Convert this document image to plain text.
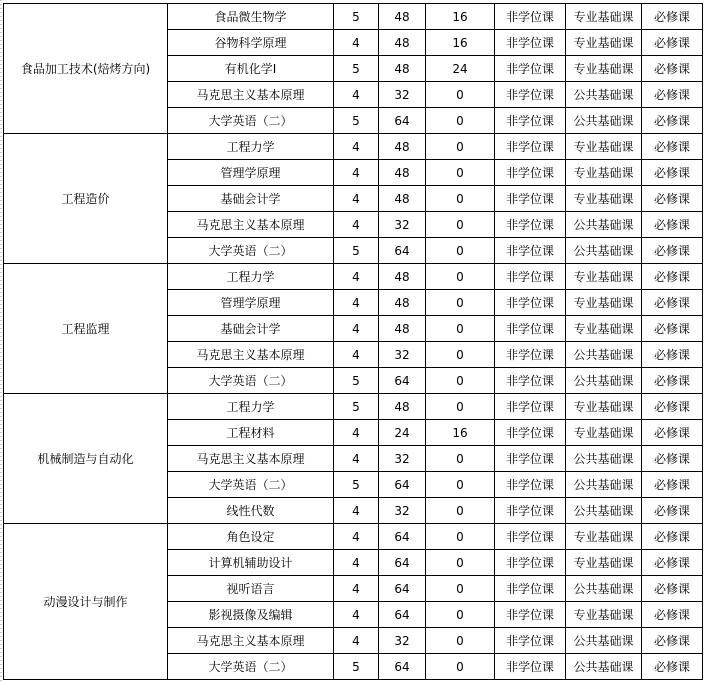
食品加工技术(焙烤方向)	食品微生物学	5	48	16	非学位课	专业基础课	必修课
	谷物科学原理	4	48	16	非学位课	专业基础课	必修课
	有机化学I	5	48	24	非学位课	专业基础课	必修课
	马克思主义基本原理	4	32	0	非学位课	公共基础课	必修课
	大学英语（二）	5	64	0	非学位课	公共基础课	必修课
工程造价	工程力学	4	48	0	非学位课	专业基础课	必修课
	管理学原理	4	48	0	非学位课	专业基础课	必修课
	基础会计学	4	48	0	非学位课	专业基础课	必修课
	马克思主义基本原理	4	32	0	非学位课	公共基础课	必修课
	大学英语（二）	5	64	0	非学位课	公共基础课	必修课
工程监理	工程力学	4	48	0	非学位课	专业基础课	必修课
	管理学原理	4	48	0	非学位课	专业基础课	必修课
	基础会计学	4	48	0	非学位课	专业基础课	必修课
	马克思主义基本原理	4	32	0	非学位课	公共基础课	必修课
	大学英语（二）	5	64	0	非学位课	公共基础课	必修课
机械制造与自动化	工程力学	5	48	0	非学位课	专业基础课	必修课
	工程材料	4	24	16	非学位课	专业基础课	必修课
	马克思主义基本原理	4	32	0	非学位课	公共基础课	必修课
	大学英语（二）	5	64	0	非学位课	公共基础课	必修课
	线性代数	4	32	0	非学位课	公共基础课	必修课
动漫设计与制作	角色设定	4	64	0	非学位课	专业基础课	必修课
	计算机辅助设计	4	64	0	非学位课	专业基础课	必修课
	视听语言	4	64	0	非学位课	公共基础课	必修课
	影视摄像及编辑	4	64	0	非学位课	专业基础课	必修课
	马克思主义基本原理	4	32	0	非学位课	公共基础课	必修课
	大学英语（二）	5	64	0	非学位课	公共基础课	必修课
